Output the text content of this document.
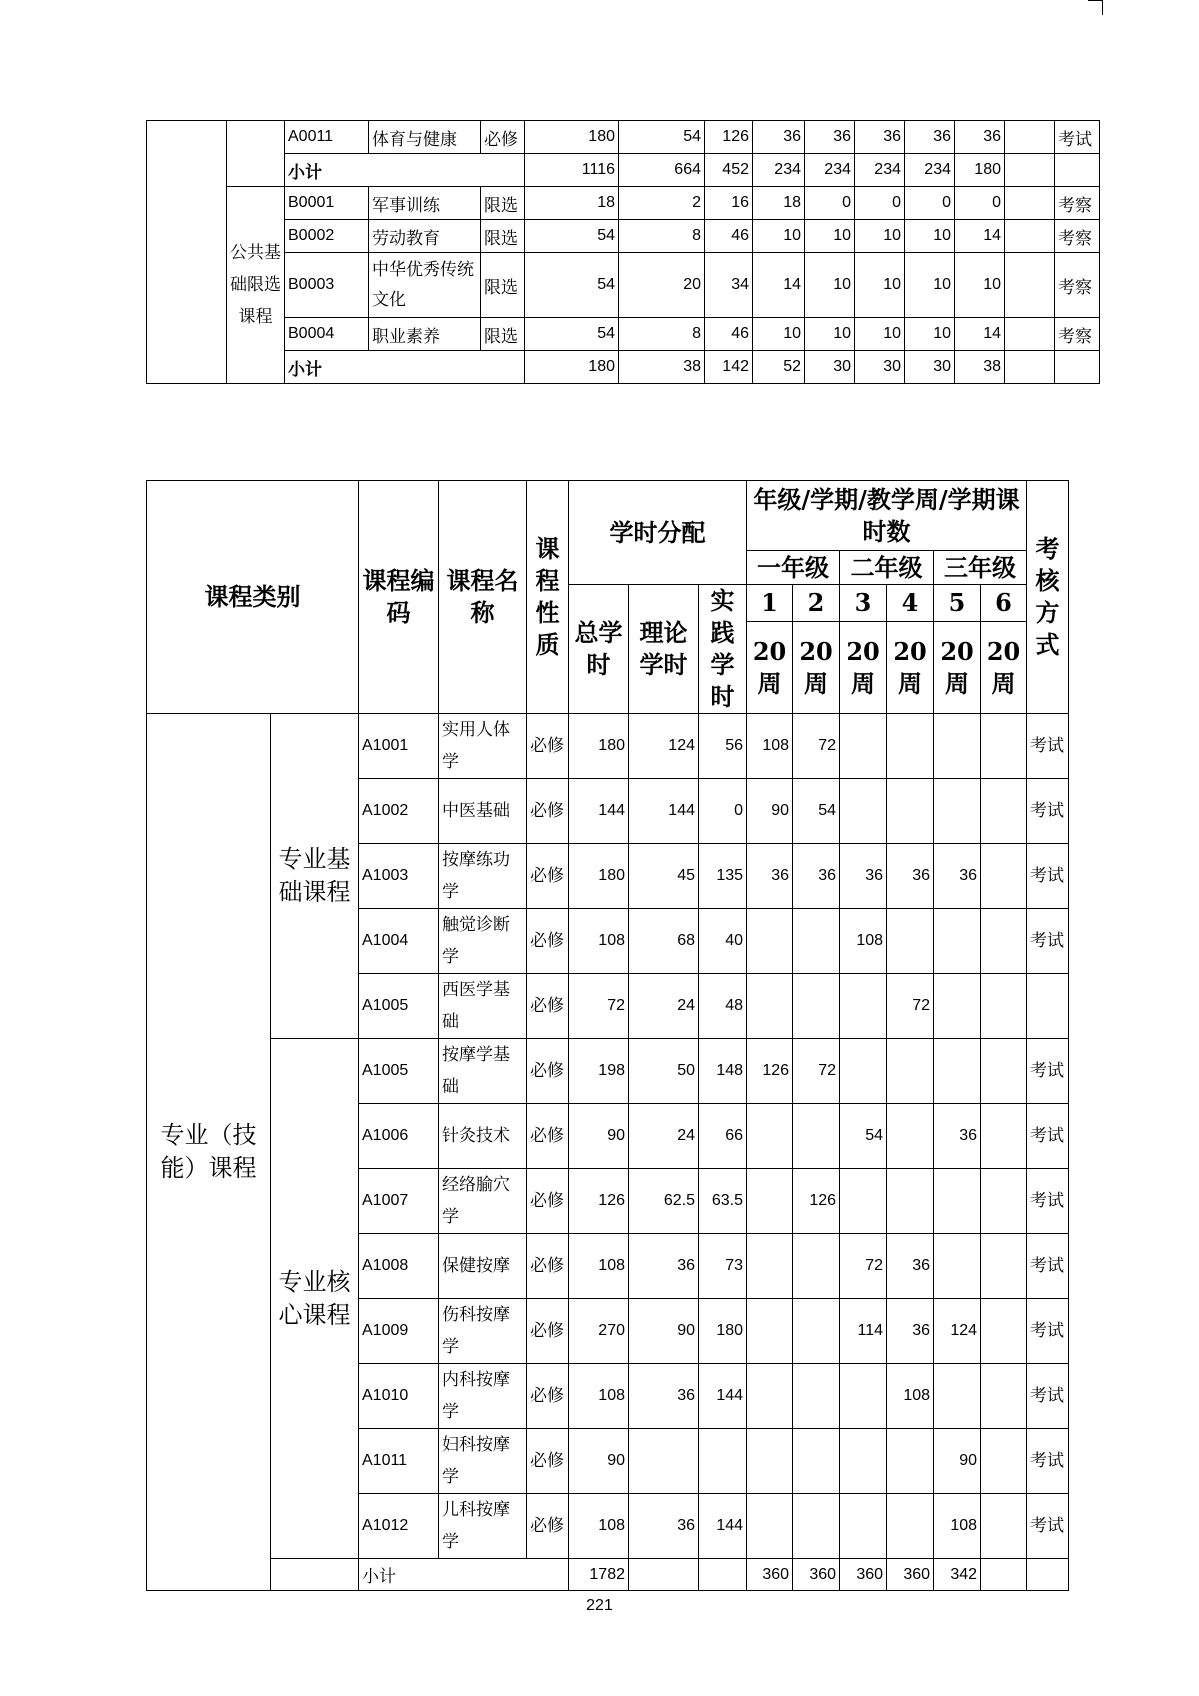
		A0011	体育与健康	必修	180	54	126	36	36	36	36	36		考试
		小计			1116	664	452	234	234	234	234	180		
	公共基础限选课程	B0001	军事训练	限选	18	2	16	18	0	0	0	0		考察
		B0002	劳动教育	限选	54	8	46	10	10	10	10	14		考察
		B0003	中华优秀传统文化	限选	54	20	34	14	10	10	10	10		考察
		B0004	职业素养	限选	54	8	46	10	10	10	10	14		考察
		小计			180	38	142	52	30	30	30	38		
课程类别		课程编码	课程名称	课程性质	学时分配			年级/学期/教学周/学期课时数						考核方式
								一年级		二年级		三年级		
					总学时	理论学时	实践学时	1	2	3	4	5	6	
								20周	20周	20周	20周	20周	20周	
专业（技能）课程	专业基础课程	A1001	实用人体学	必修	180	124	56	108	72					考试
		A1002	中医基础	必修	144	144	0	90	54					考试
		A1003	按摩练功学	必修	180	45	135	36	36	36	36	36		考试
		A1004	触觉诊断学	必修	108	68	40			108				考试
		A1005	西医学基础	必修	72	24	48				72			
	专业核心课程	A1005	按摩学基础	必修	198	50	148	126	72					考试
		A1006	针灸技术	必修	90	24	66			54		36		考试
		A1007	经络腧穴学	必修	126	62.5	63.5		126					考试
		A1008	保健按摩	必修	108	36	73			72	36			考试
		A1009	伤科按摩学	必修	270	90	180			114	36	124		考试
		A1010	内科按摩学	必修	108	36	144				108			考试
		A1011	妇科按摩学	必修	90							90		考试
		A1012	儿科按摩学	必修	108	36	144					108		考试
		小计			1782			360	360	360	360	342		
221
